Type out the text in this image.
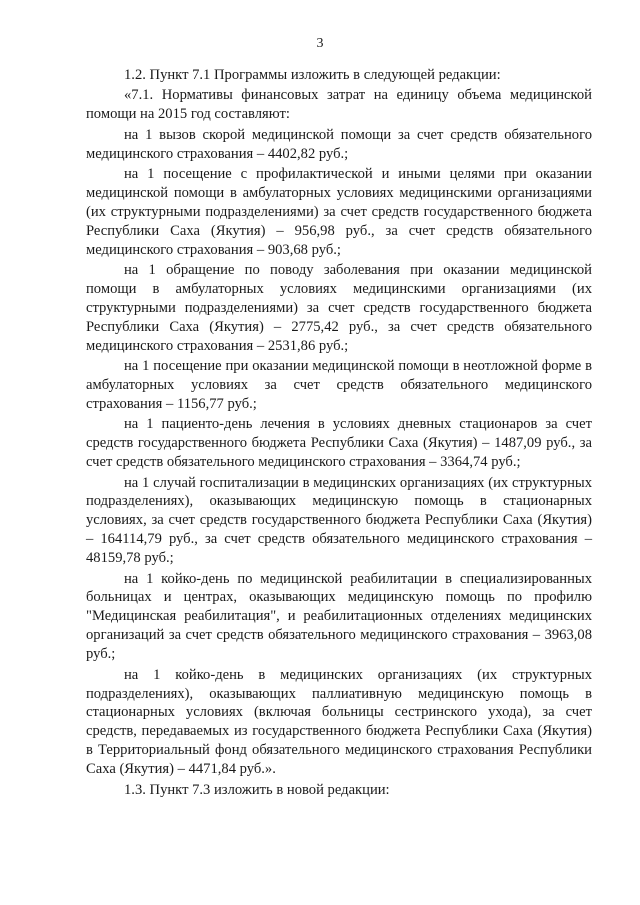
3

1.2. Пункт 7.1 Программы изложить в следующей редакции:

«7.1. Нормативы финансовых затрат на единицу объема медицинской помощи на 2015 год составляют:

на 1 вызов скорой медицинской помощи за счет средств обязательного медицинского страхования – 4402,82 руб.;

на 1 посещение с профилактической и иными целями при оказании медицинской помощи в амбулаторных условиях медицинскими организациями (их структурными подразделениями) за счет средств государственного бюджета Республики Саха (Якутия) – 956,98 руб., за счет средств обязательного медицинского страхования – 903,68 руб.;

на 1 обращение по поводу заболевания при оказании медицинской помощи в амбулаторных условиях медицинскими организациями (их структурными подразделениями) за счет средств государственного бюджета Республики Саха (Якутия) – 2775,42 руб., за счет средств обязательного медицинского страхования – 2531,86 руб.;

на 1 посещение при оказании медицинской помощи в неотложной форме в амбулаторных условиях за счет средств обязательного медицинского страхования – 1156,77 руб.;

на 1 пациенто-день лечения в условиях дневных стационаров за счет средств государственного бюджета Республики Саха (Якутия) – 1487,09 руб., за счет средств обязательного медицинского страхования – 3364,74 руб.;

на 1 случай госпитализации в медицинских организациях (их структурных подразделениях), оказывающих медицинскую помощь в стационарных условиях, за счет средств государственного бюджета Республики Саха (Якутия) – 164114,79 руб., за счет средств обязательного медицинского страхования – 48159,78 руб.;

на 1 койко-день по медицинской реабилитации в специализированных больницах и центрах, оказывающих медицинскую помощь по профилю "Медицинская реабилитация", и реабилитационных отделениях медицинских организаций за счет средств обязательного медицинского страхования – 3963,08 руб.;

на 1 койко-день в медицинских организациях (их структурных подразделениях), оказывающих паллиативную медицинскую помощь в стационарных условиях (включая больницы сестринского ухода), за счет средств, передаваемых из государственного бюджета Республики Саха (Якутия) в Территориальный фонд обязательного медицинского страхования Республики Саха (Якутия) – 4471,84 руб.».

1.3. Пункт 7.3 изложить в новой редакции:
